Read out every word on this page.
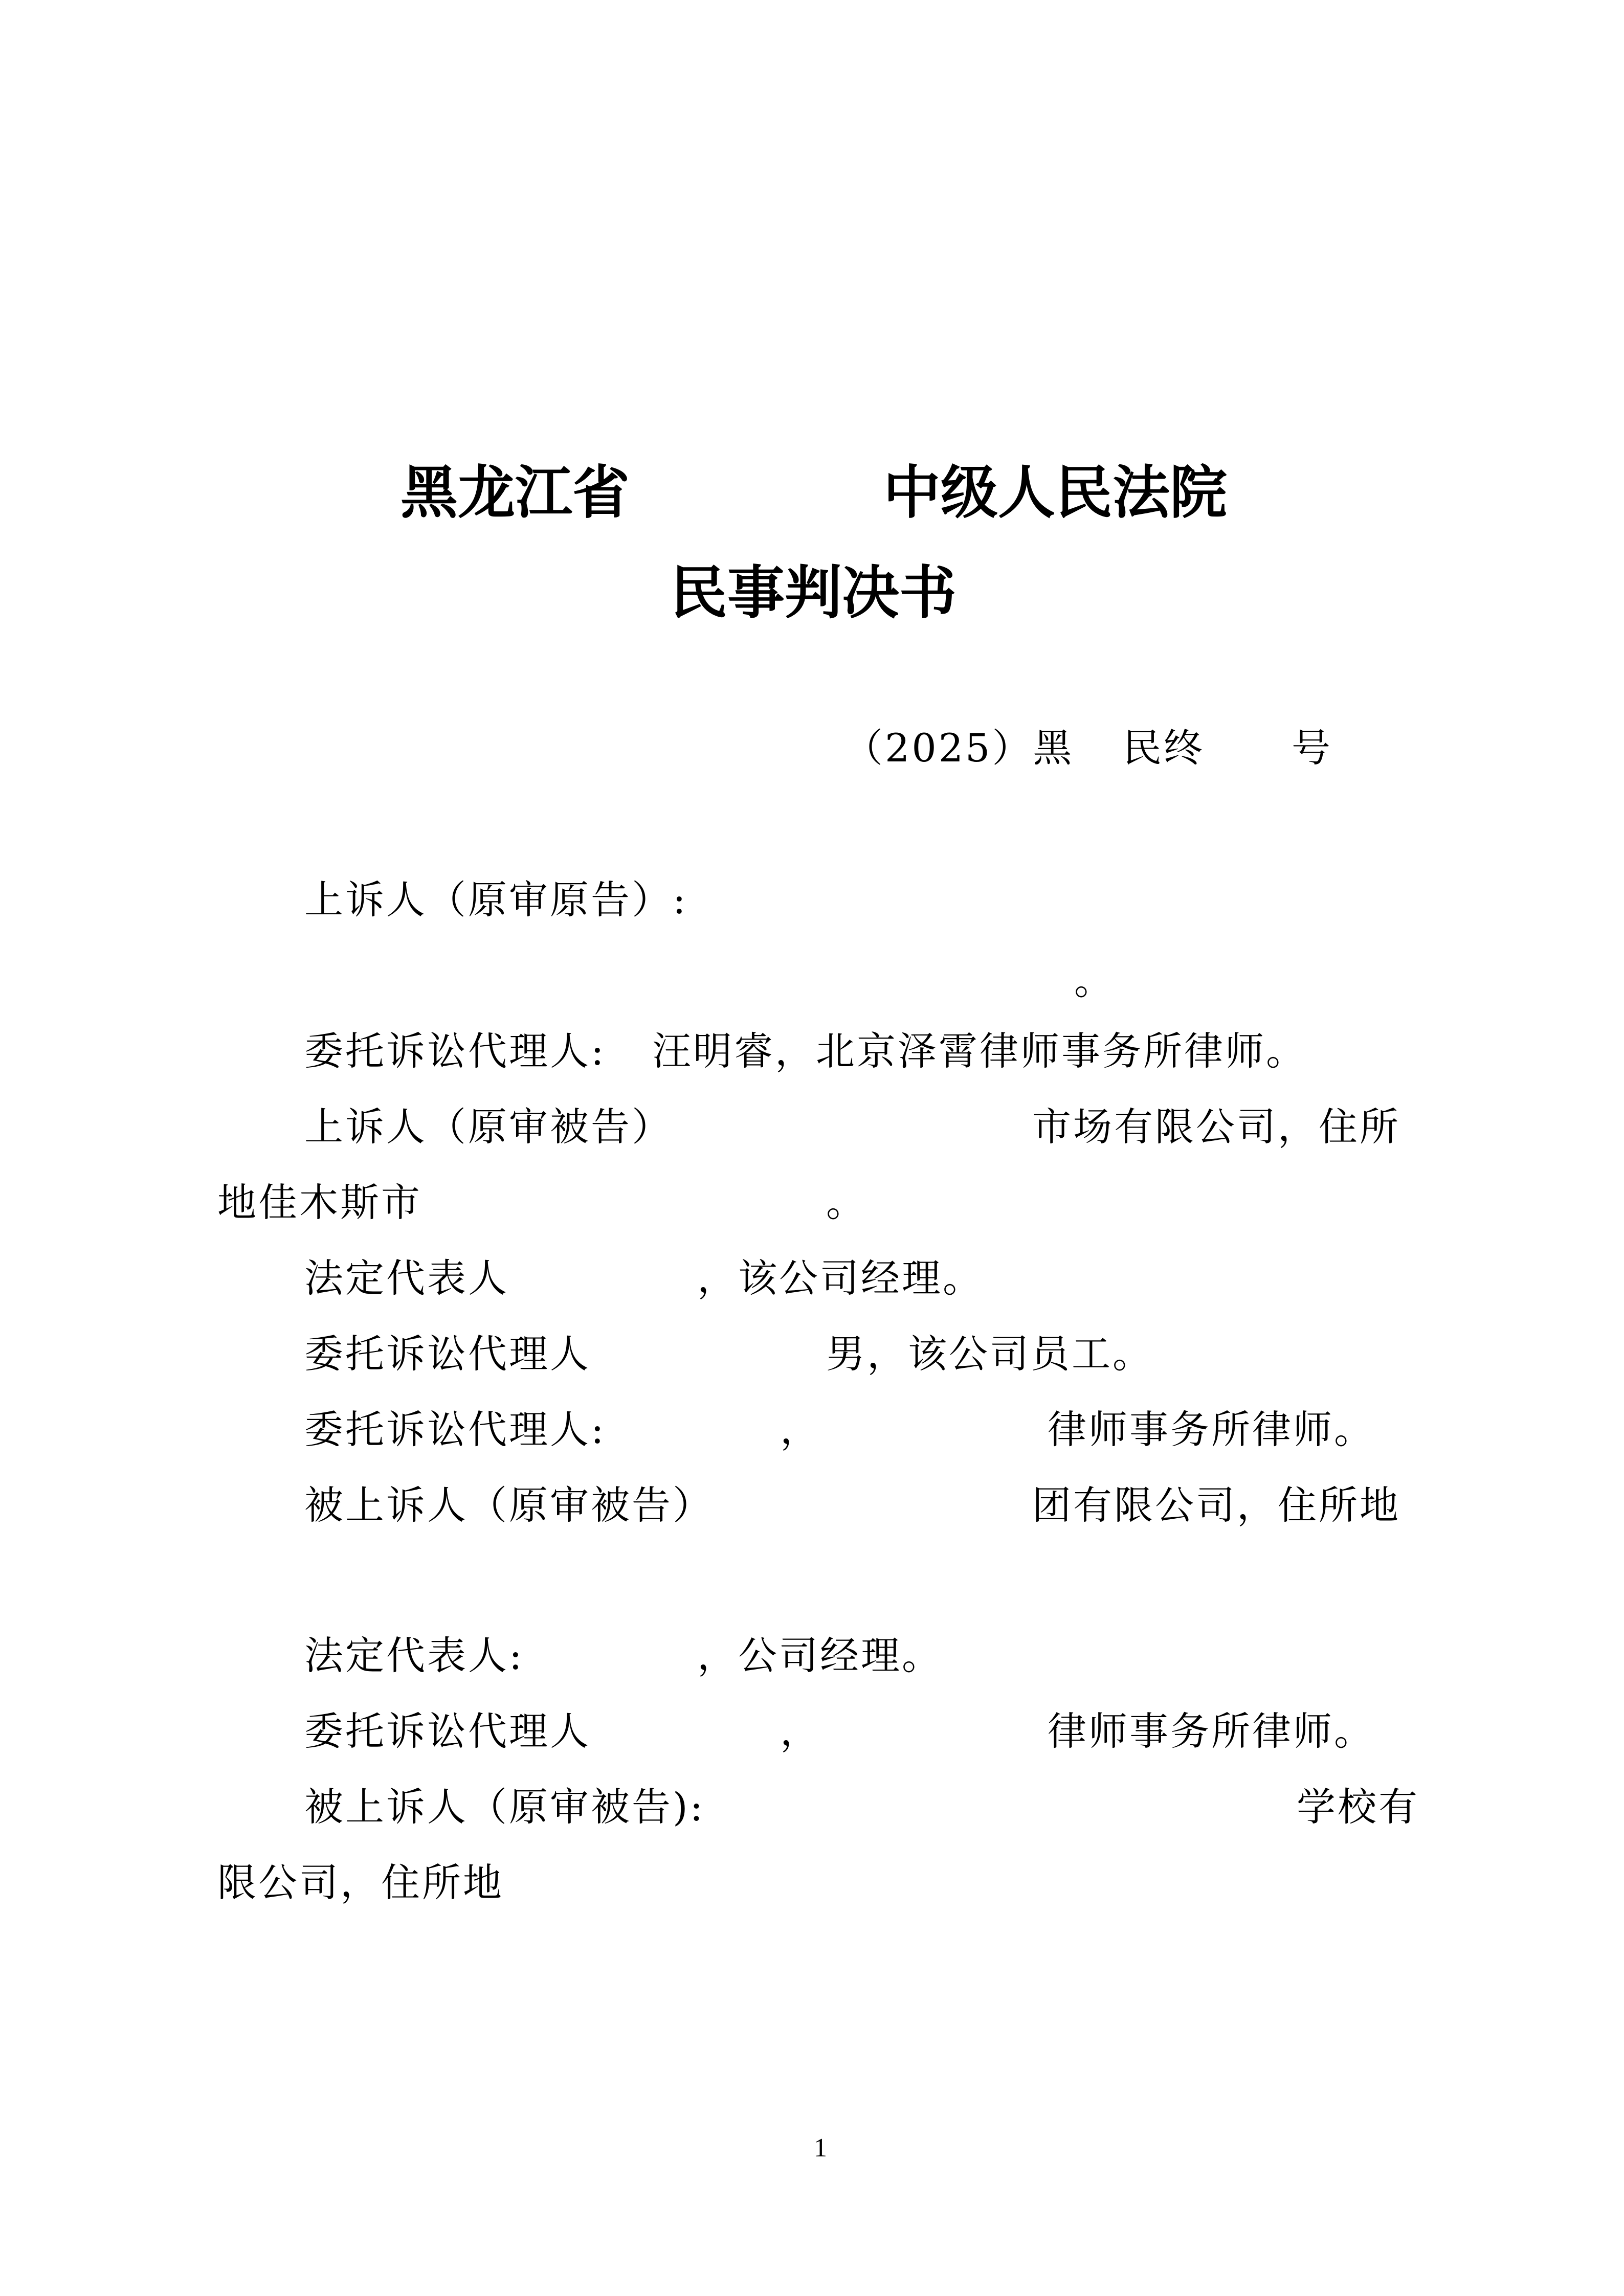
黑龙江省	中级人民法院
民事判决书
（2025）黑 民终 号
上诉人（原审原告）:
。
委托诉讼代理人: 汪明睿，北京泽霄律师事务所律师。
上诉人（原审被告）	市场有限公司，住所
地佳木斯市	。
法定代表人	，该公司经理。
委托诉讼代理人	男，该公司员工。
委托诉讼代理人:	，	律师事务所律师。
被上诉人（原审被告）	团有限公司，住所地
法定代表人:	，公司经理。
委托诉讼代理人	，	律师事务所律师。
被上诉人（原审被告):	学校有
限公司，住所地
1
